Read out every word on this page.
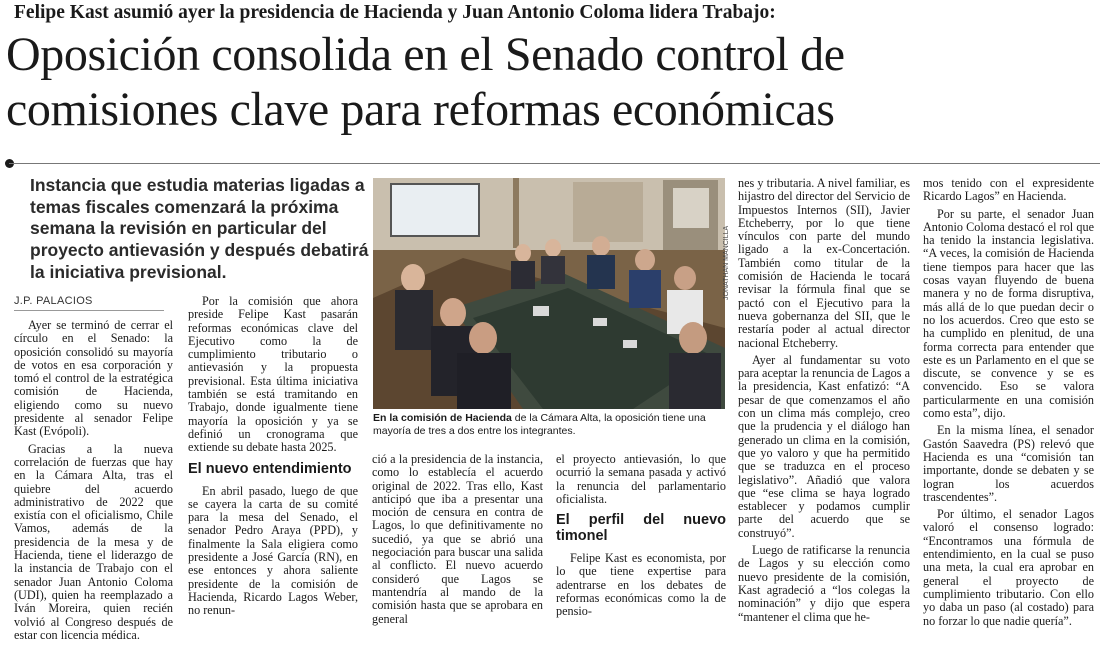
Felipe Kast asumió ayer la presidencia de Hacienda y Juan Antonio Coloma lidera Trabajo:
Oposición consolida en el Senado control de
comisiones clave para reformas económicas
Instancia que estudia materias ligadas a temas fiscales comenzará la próxima semana la revisión en particular del proyecto antievasión y después debatirá la iniciativa previsional.
J.P. PALACIOS

Ayer se terminó de cerrar el círculo en el Senado: la oposición consolidó su mayoría de votos en esa corporación y tomó el control de la estratégica comisión de Hacienda, eligiendo como su nuevo presidente al senador Felipe Kast (Evópoli).

Gracias a la nueva correlación de fuerzas que hay en la Cámara Alta, tras el quiebre del acuerdo administrativo de 2022 que existía con el oficialismo, Chile Vamos, además de la presidencia de la mesa y de Hacienda, tiene el liderazgo de la instancia de Trabajo con el senador Juan Antonio Coloma (UDI), quien ha reemplazado a Iván Moreira, quien recién volvió al Congreso después de estar con licencia médica.

Por la comisión que ahora preside Felipe Kast pasarán reformas económicas clave del Ejecutivo como la de cumplimiento tributario o antievasión y la propuesta previsional. Esta última iniciativa también se está tramitando en Trabajo, donde igualmente tiene mayoría la oposición y ya se definió un cronograma que extiende su debate hasta 2025.

El nuevo entendimiento

En abril pasado, luego de que se cayera la carta de su comité para la mesa del Senado, el senador Pedro Araya (PPD), y finalmente la Sala eligiera como presidente a José García (RN), en ese entonces y ahora saliente presidente de la comisión de Hacienda, Ricardo Lagos Weber, no renun-

JONATHAN MANCILLA
En la comisión de Hacienda de la Cámara Alta, la oposición tiene una mayoría de tres a dos entre los integrantes.

ció a la presidencia de la instancia, como lo establecía el acuerdo original de 2022. Tras ello, Kast anticipó que iba a presentar una moción de censura en contra de Lagos, lo que definitivamente no sucedió, ya que se abrió una negociación para buscar una salida al conflicto. El nuevo acuerdo consideró que Lagos se mantendría al mando de la comisión hasta que se aprobara en general

el proyecto antievasión, lo que ocurrió la semana pasada y activó la renuncia del parlamentario oficialista.

El perfil del nuevo timonel

Felipe Kast es economista, por lo que tiene expertise para adentrarse en los debates de reformas económicas como la de pensio-

nes y tributaria. A nivel familiar, es hijastro del director del Servicio de Impuestos Internos (SII), Javier Etcheberry, por lo que tiene vínculos con parte del mundo ligado a la ex-Concertación. También como titular de la comisión de Hacienda le tocará revisar la fórmula final que se pactó con el Ejecutivo para la nueva gobernanza del SII, que le restaría poder al actual director nacional Etcheberry.

Ayer al fundamentar su voto para aceptar la renuncia de Lagos a la presidencia, Kast enfatizó: “A pesar de que comenzamos el año con un clima más complejo, creo que la prudencia y el diálogo han generado un clima en la comisión, que yo valoro y que ha permitido que se traduzca en el proceso legislativo”. Añadió que valora que “ese clima se haya logrado establecer y podamos cumplir parte del acuerdo que se construyó”.

Luego de ratificarse la renuncia de Lagos y su elección como nuevo presidente de la comisión, Kast agradeció a “los colegas la nominación” y dijo que espera “mantener el clima que he-

mos tenido con el expresidente Ricardo Lagos” en Hacienda.

Por su parte, el senador Juan Antonio Coloma destacó el rol que ha tenido la instancia legislativa. “A veces, la comisión de Hacienda tiene tiempos para hacer que las cosas vayan fluyendo de buena manera y no de forma disruptiva, más allá de lo que puedan decir o no los acuerdos. Creo que esto se ha cumplido en plenitud, de una forma correcta para entender que este es un Parlamento en el que se discute, se convence y se es convencido. Eso se valora particularmente en una comisión como esta”, dijo.

En la misma línea, el senador Gastón Saavedra (PS) relevó que Hacienda es una “comisión tan importante, donde se debaten y se logran los acuerdos trascendentes”.

Por último, el senador Lagos valoró el consenso logrado: “Encontramos una fórmula de entendimiento, en la cual se puso una meta, la cual era aprobar en general el proyecto de cumplimiento tributario. Con ello yo daba un paso (al costado) para no forzar lo que nadie quería”.
